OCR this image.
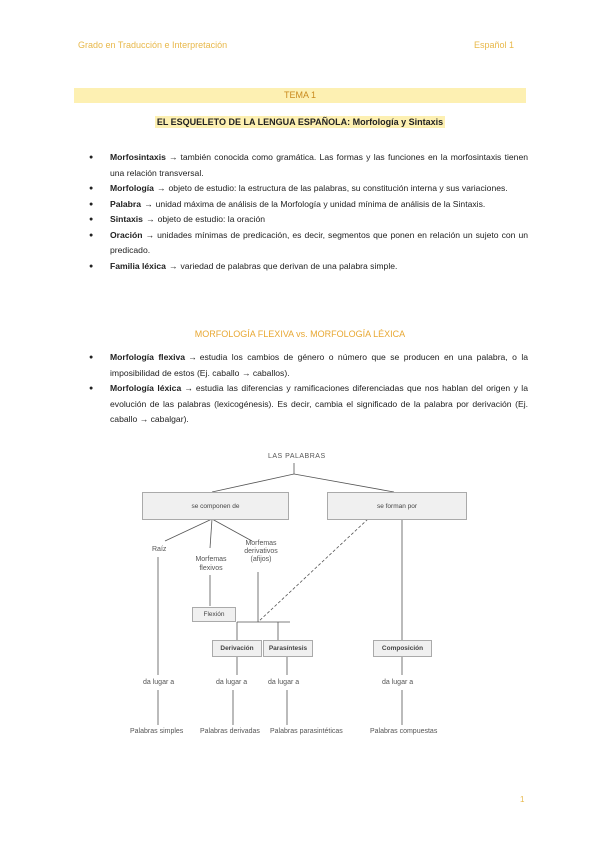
Grado en Traducción e Interpretación	Español 1
TEMA 1
EL ESQUELETO DE LA LENGUA ESPAÑOLA: Morfología y Sintaxis
● Morfosintaxis → también conocida como gramática. Las formas y las funciones en la morfosintaxis tienen una relación transversal.
● Morfología → objeto de estudio: la estructura de las palabras, su constitución interna y sus variaciones.
● Palabra → unidad máxima de análisis de la Morfología y unidad mínima de análisis de la Sintaxis.
● Sintaxis → objeto de estudio: la oración
● Oración → unidades mínimas de predicación, es decir, segmentos que ponen en relación un sujeto con un predicado.
● Familia léxica → variedad de palabras que derivan de una palabra simple.
MORFOLOGÍA FLEXIVA vs. MORFOLOGÍA LÉXICA
● Morfología flexiva → estudia los cambios de género o número que se producen en una palabra, o la imposibilidad de estos (Ej. caballo → caballos).
● Morfología léxica → estudia las diferencias y ramificaciones diferenciadas que nos hablan del origen y la evolución de las palabras (lexicogénesis). Es decir, cambia el significado de la palabra por derivación (Ej. caballo → cabalgar).
LAS PALABRAS
se componen de	se forman por
Raíz
Morfemas flexivos
Morfemas derivativos (afijos)
Flexión
Derivación Parasíntesis	Composición
da lugar a	da lugar a	da lugar a	da lugar a
Palabras simples Palabras derivadas Palabras parasintéticas	Palabras compuestas
1
